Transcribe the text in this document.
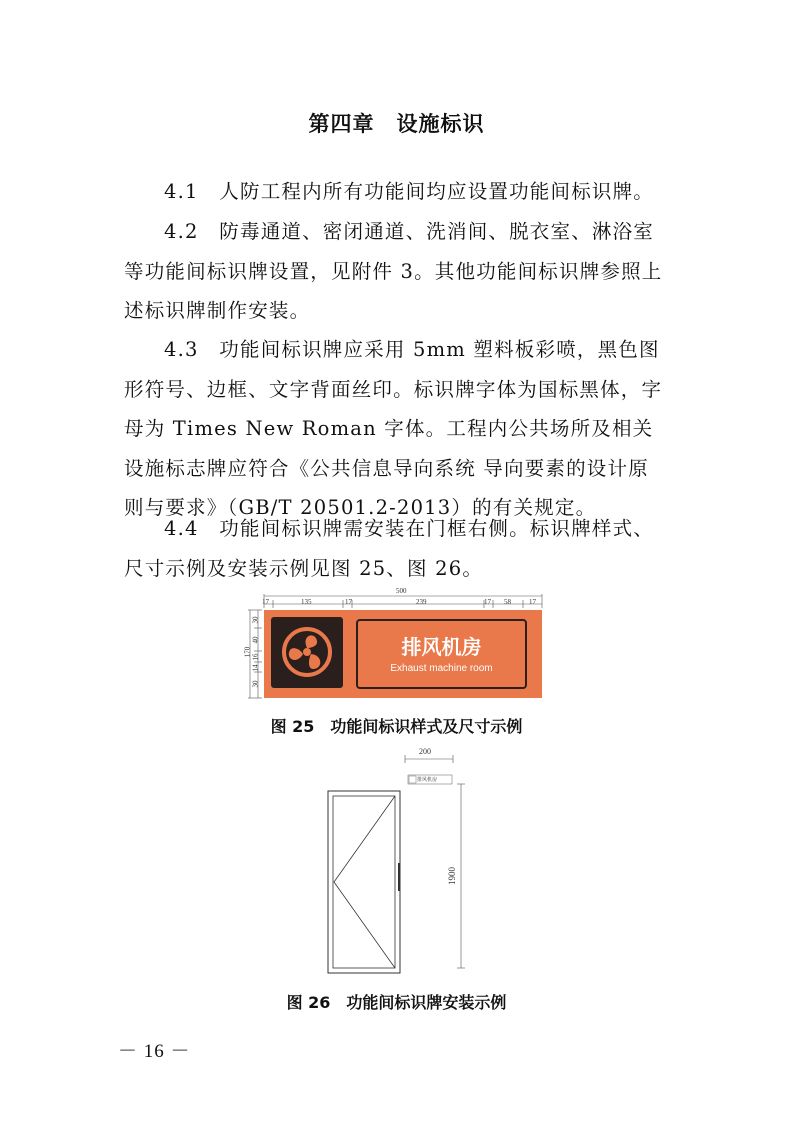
第四章　设施标识

4.1　人防工程内所有功能间均应设置功能间标识牌。

4.2　防毒通道、密闭通道、洗消间、脱衣室、淋浴室等功能间标识牌设置，见附件 3。其他功能间标识牌参照上述标识牌制作安装。

4.3　功能间标识牌应采用 5mm 塑料板彩喷，黑色图形符号、边框、文字背面丝印。标识牌字体为国标黑体，字母为 Times New Roman 字体。工程内公共场所及相关设施标志牌应符合《公共信息导向系统 导向要素的设计原则与要求》（GB/T 20501.2-2013）的有关规定。

4.4　功能间标识牌需安装在门框右侧。标识牌样式、尺寸示例及安装示例见图 25、图 26。

500
17	135	17	239	17 58	17
170
30
40
16
14
30
排风机房
Exhaust machine room
图 25　功能间标识样式及尺寸示例
200
排风机房
1900
图 26　功能间标识牌安装示例
－ 16 －
